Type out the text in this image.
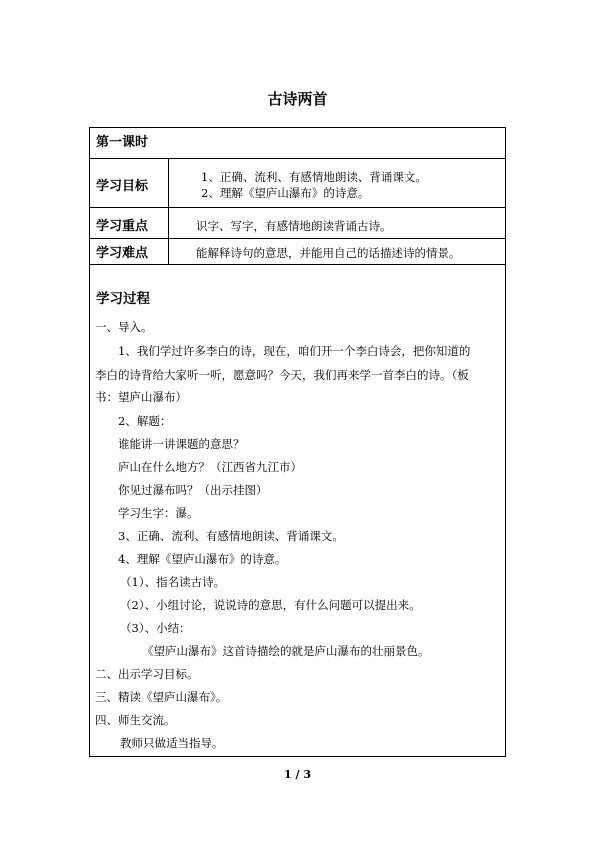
古诗两首
第一课时
学习目标
1、正确、流利、有感情地朗读、背诵课文。
2、理解《望庐山瀑布》的诗意。
学习重点	识字、写字，有感情地朗读背诵古诗。
学习难点	能解释诗句的意思，并能用自己的话描述诗的情景。
学习过程
一、导入。
　　1、我们学过许多李白的诗，现在，咱们开一个李白诗会，把你知道的
李白的诗背给大家听一听，愿意吗？今天，我们再来学一首李白的诗。（板
书：望庐山瀑布）
2、解题：
谁能讲一讲课题的意思？
庐山在什么地方？（江西省九江市）
你见过瀑布吗？（出示挂图）
学习生字：瀑。
3、正确、流利、有感情地朗读、背诵课文。
4、理解《望庐山瀑布》的诗意。
（1）、指名读古诗。
（2）、小组讨论，说说诗的意思，有什么问题可以提出来。
（3）、小结：
《望庐山瀑布》这首诗描绘的就是庐山瀑布的壮丽景色。
二、出示学习目标。
三、精读《望庐山瀑布》。
四、师生交流。
教师只做适当指导。
1 / 3
